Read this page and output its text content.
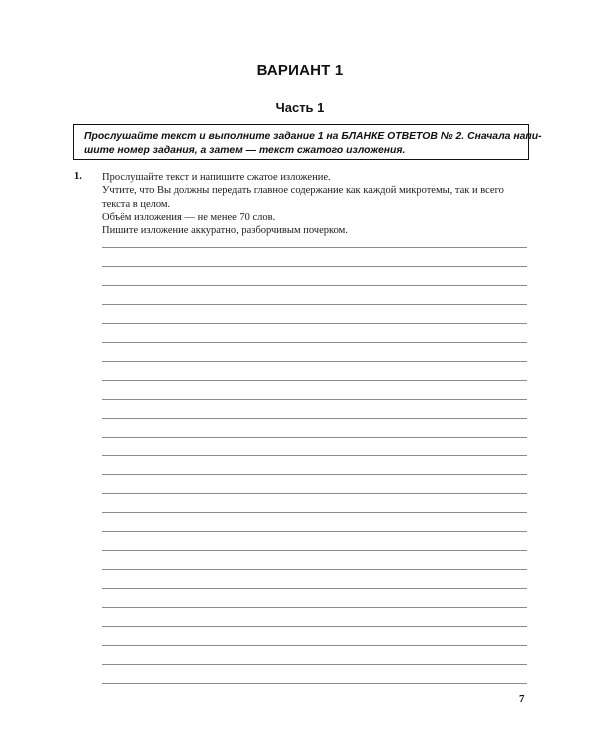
ВАРИАНТ 1
Часть 1
Прослушайте текст и выполните задание 1 на БЛАНКЕ ОТВЕТОВ № 2. Сначала напи-
шите номер задания, а затем — текст сжатого изложения.
1. Прослушайте текст и напишите сжатое изложение.
Учтите, что Вы должны передать главное содержание как каждой микротемы, так и всего
текста в целом.
Объём изложения — не менее 70 слов.
Пишите изложение аккуратно, разборчивым почерком.
7
